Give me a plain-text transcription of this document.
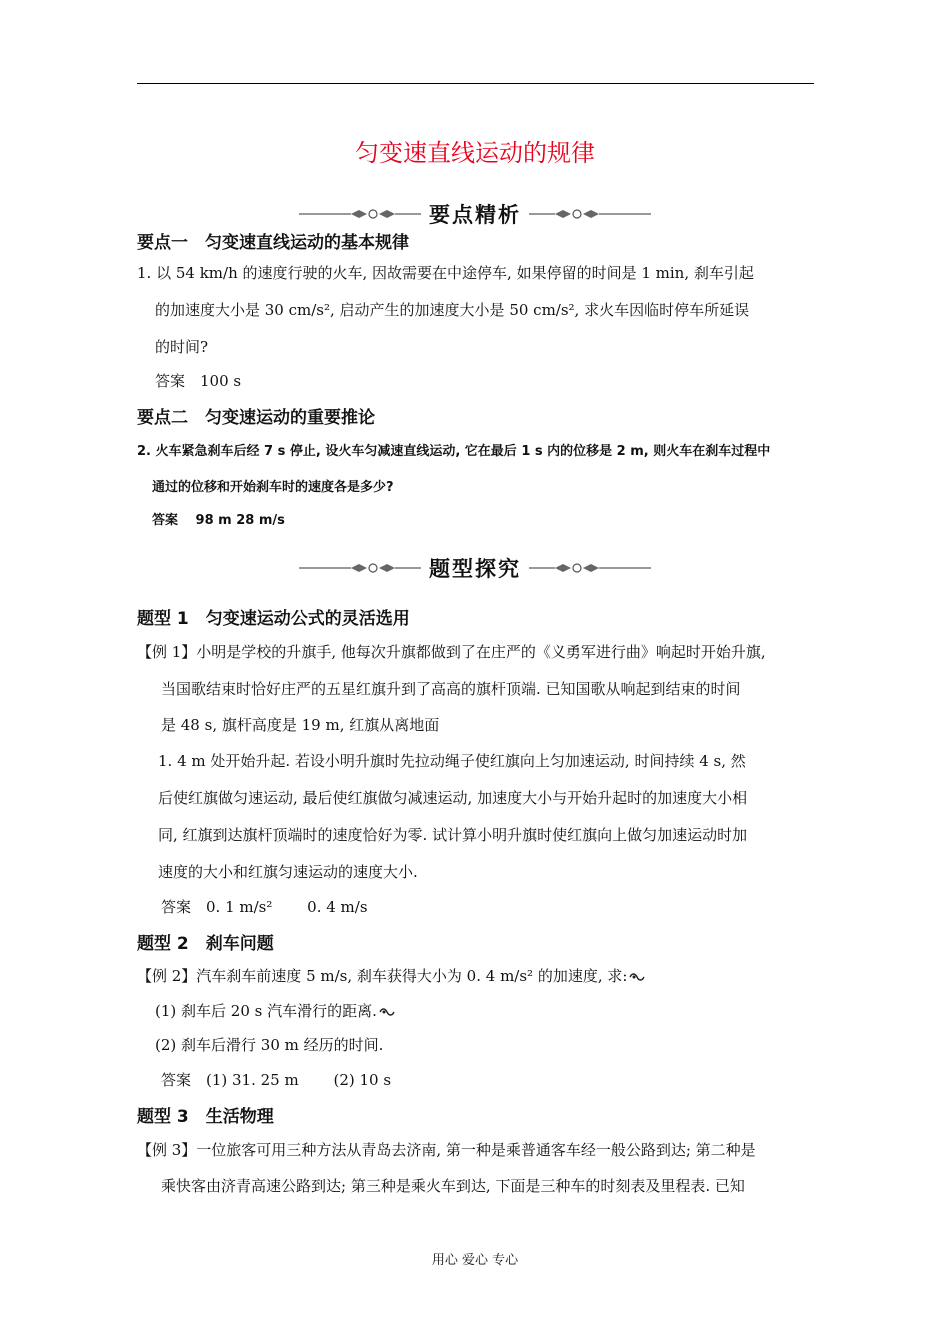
匀变速直线运动的规律
要点精析
要点一　匀变速直线运动的基本规律
1. 以 54 km/h 的速度行驶的火车, 因故需要在中途停车, 如果停留的时间是 1 min, 刹车引起
的加速度大小是 30 cm/s², 启动产生的加速度大小是 50 cm/s², 求火车因临时停车所延误
的时间?
答案　100 s
要点二　匀变速运动的重要推论
2. 火车紧急刹车后经 7 s 停止, 设火车匀减速直线运动, 它在最后 1 s 内的位移是 2 m, 则火车在刹车过程中
通过的位移和开始刹车时的速度各是多少?
答案　 98 m 28 m/s
题型探究
题型 1　匀变速运动公式的灵活选用
【例 1】小明是学校的升旗手, 他每次升旗都做到了在庄严的《义勇军进行曲》响起时开始升旗,
当国歌结束时恰好庄严的五星红旗升到了高高的旗杆顶端. 已知国歌从响起到结束的时间
是 48 s, 旗杆高度是 19 m, 红旗从离地面
1. 4 m 处开始升起. 若设小明升旗时先拉动绳子使红旗向上匀加速运动, 时间持续 4 s, 然
后使红旗做匀速运动, 最后使红旗做匀减速运动, 加速度大小与开始升起时的加速度大小相
同, 红旗到达旗杆顶端时的速度恰好为零. 试计算小明升旗时使红旗向上做匀加速运动时加
速度的大小和红旗匀速运动的速度大小.
答案　0. 1 m/s²　　 0. 4 m/s
题型 2　刹车问题
【例 2】汽车刹车前速度 5 m/s, 刹车获得大小为 0. 4 m/s² 的加速度, 求:
(1) 刹车后 20 s 汽车滑行的距离.
(2) 刹车后滑行 30 m 经历的时间.
答案　(1) 31. 25 m　　 (2) 10 s
题型 3　生活物理
【例 3】一位旅客可用三种方法从青岛去济南, 第一种是乘普通客车经一般公路到达; 第二种是
乘快客由济青高速公路到达; 第三种是乘火车到达, 下面是三种车的时刻表及里程表. 已知
用心 爱心 专心
